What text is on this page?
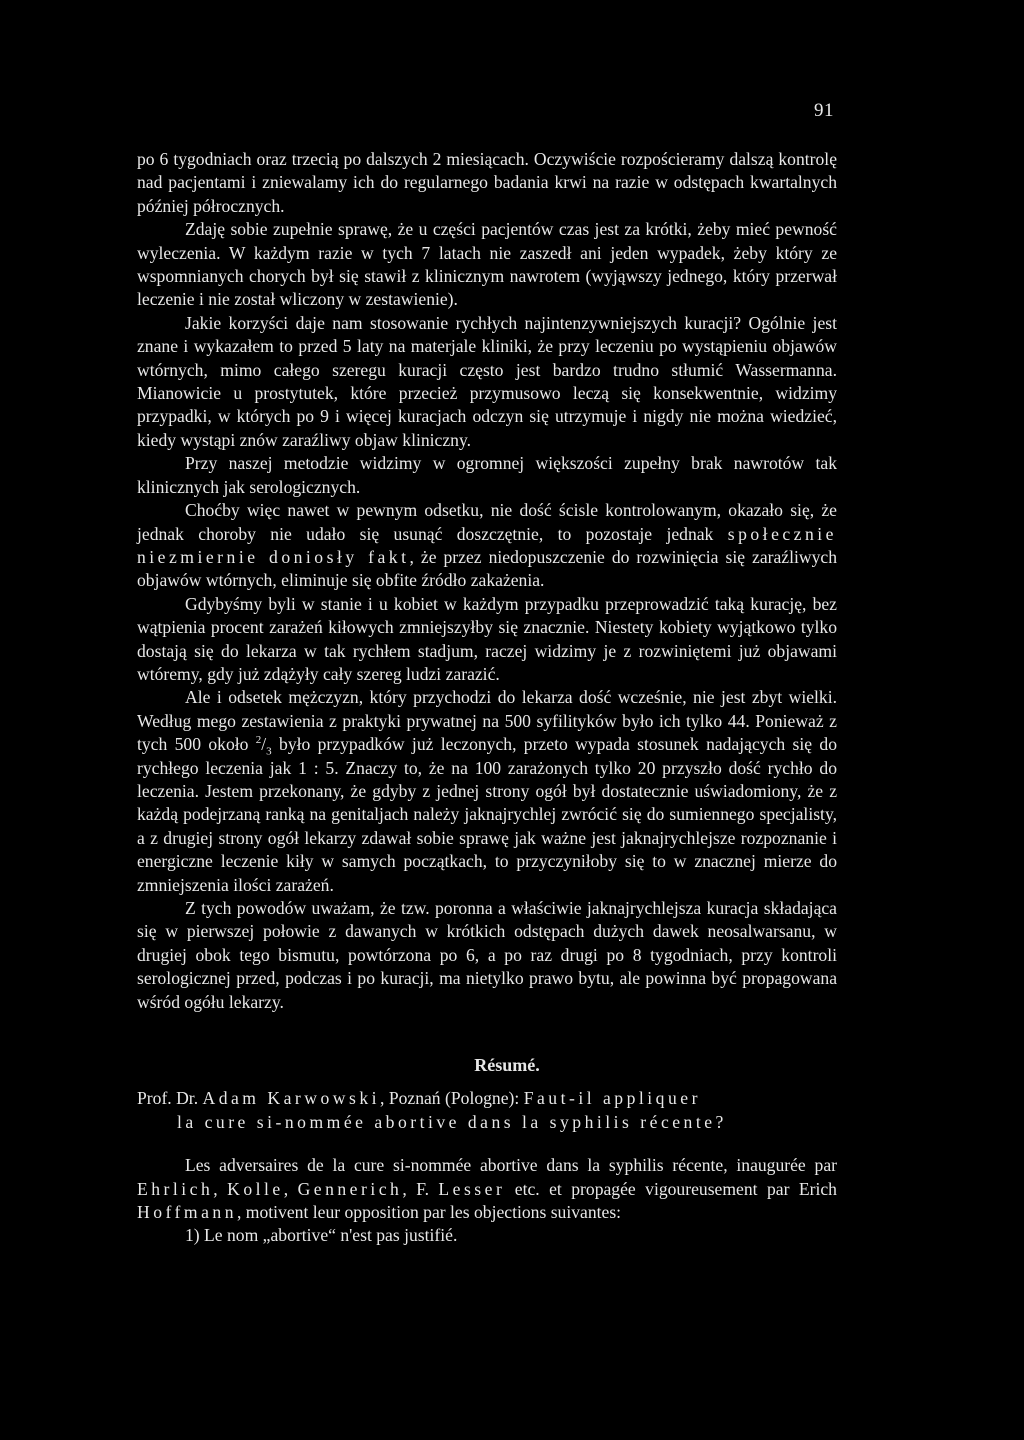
91

po 6 tygodniach oraz trzecią po dalszych 2 miesiącach. Oczywiście rozpościeramy dalszą kontrolę nad pacjentami i zniewalamy ich do regularnego badania krwi na razie w odstępach kwartalnych później półrocznych.

Zdaję sobie zupełnie sprawę, że u części pacjentów czas jest za krótki, żeby mieć pewność wyleczenia. W każdym razie w tych 7 latach nie zaszedł ani jeden wypadek, żeby który ze wspomnianych chorych był się stawił z klinicznym nawrotem (wyjąwszy jednego, który przerwał leczenie i nie został wliczony w zestawienie).

Jakie korzyści daje nam stosowanie rychłych najintenzywniejszych kuracji? Ogólnie jest znane i wykazałem to przed 5 laty na materjale kliniki, że przy leczeniu po wystąpieniu objawów wtórnych, mimo całego szeregu kuracji często jest bardzo trudno stłumić Wassermanna. Mianowicie u prostytutek, które przecież przymusowo leczą się konsekwentnie, widzimy przypadki, w których po 9 i więcej kuracjach odczyn się utrzymuje i nigdy nie można wiedzieć, kiedy wystąpi znów zaraźliwy objaw kliniczny.

Przy naszej metodzie widzimy w ogromnej większości zupełny brak nawrotów tak klinicznych jak serologicznych.

Choćby więc nawet w pewnym odsetku, nie dość ścisle kontrolowanym, okazało się, że jednak choroby nie udało się usunąć doszczętnie, to pozostaje jednak społecznie niezmiernie doniosły fakt, że przez niedopuszczenie do rozwinięcia się zaraźliwych objawów wtórnych, eliminuje się obfite źródło zakażenia.

Gdybyśmy byli w stanie i u kobiet w każdym przypadku przeprowadzić taką kurację, bez wątpienia procent zarażeń kiłowych zmniejszyłby się znacznie. Niestety kobiety wyjątkowo tylko dostają się do lekarza w tak rychłem stadjum, raczej widzimy je z rozwiniętemi już objawami wtóremy, gdy już zdążyły cały szereg ludzi zarazić.

Ale i odsetek mężczyzn, który przychodzi do lekarza dość wcześnie, nie jest zbyt wielki. Według mego zestawienia z praktyki prywatnej na 500 syfilityków było ich tylko 44. Ponieważ z tych 500 około $^2/_3$ było przypadków już leczonych, przeto wypada stosunek nadających się do rychłego leczenia jak 1 : 5. Znaczy to, że na 100 zarażonych tylko 20 przyszło dość rychło do leczenia. Jestem przekonany, że gdyby z jednej strony ogół był dostatecznie uświadomiony, że z każdą podejrzaną ranką na genitaljach należy jaknajrychlej zwrócić się do sumiennego specjalisty, a z drugiej strony ogół lekarzy zdawał sobie sprawę jak ważne jest jaknajrychlejsze rozpoznanie i energiczne leczenie kiły w samych początkach, to przyczyniłoby się to w znacznej mierze do zmniejszenia ilości zarażeń.

Z tych powodów uważam, że tzw. poronna a właściwie jaknajrychlejsza kuracja składająca się w pierwszej połowie z dawanych w krótkich odstępach dużych dawek neosalwarsanu, w drugiej obok tego bismutu, powtórzona po 6, a po raz drugi po 8 tygodniach, przy kontroli serologicznej przed, podczas i po kuracji, ma nietylko prawo bytu, ale powinna być propagowana wśród ogółu lekarzy.

Résumé.

Prof. Dr. Adam Karwowski, Poznań (Pologne): Faut-il appliquer

la cure si-nommée abortive dans la syphilis récente?

Les adversaires de la cure si-nommée abortive dans la syphilis récente, inaugurée par Ehrlich, Kolle, Gennerich, F. Lesser etc. et propagée vigoureusement par Erich Hoffmann, motivent leur opposition par les objections suivantes:

1) Le nom „abortive“ n'est pas justifié.
